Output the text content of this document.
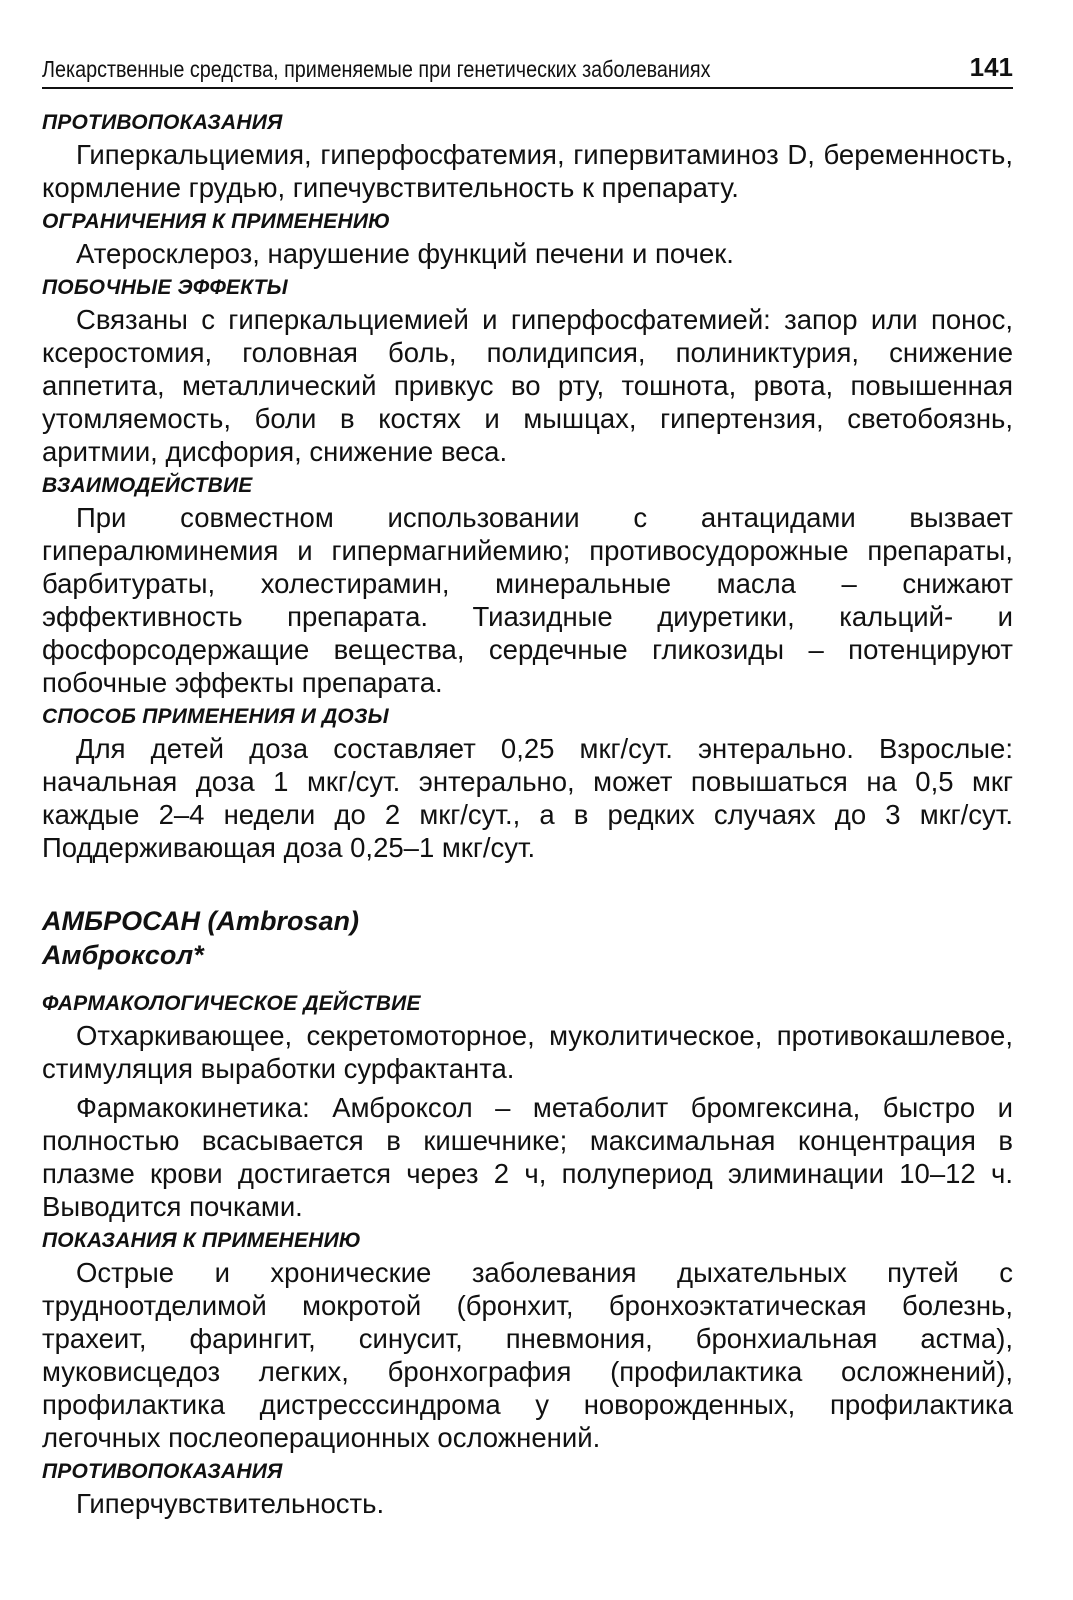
Лекарственные средства, применяемые при генетических заболеваниях	141
ПРОТИВОПОКАЗАНИЯ

Гиперкальциемия, гиперфосфатемия, гипервитаминоз D, беременность, кормление грудью, гипечувствительность к препарату.

ОГРАНИЧЕНИЯ К ПРИМЕНЕНИЮ

Атеросклероз, нарушение функций печени и почек.

ПОБОЧНЫЕ ЭФФЕКТЫ

Связаны с гиперкальциемией и гиперфосфатемией: запор или понос, ксеростомия, головная боль, полидипсия, полиниктурия, снижение аппетита, металлический привкус во рту, тошнота, рвота, повышенная утомляемость, боли в костях и мышцах, гипертензия, светобоязнь, аритмии, дисфория, снижение веса.

ВЗАИМОДЕЙСТВИЕ

При совместном использовании с антацидами вызвает гипералюминемия и гипермагнийемию; противосудорожные препараты, барбитураты, холестирамин, минеральные масла – снижают эффективность препарата. Тиазидные диуретики, кальций- и фосфорсодержащие вещества, сердечные гликозиды – потенцируют побочные эффекты препарата.

СПОСОБ ПРИМЕНЕНИЯ И ДОЗЫ

Для детей доза составляет 0,25 мкг/сут. энтерально. Взрослые: начальная доза 1 мкг/сут. энтерально, может повышаться на 0,5 мкг каждые 2–4 недели до 2 мкг/сут., а в редких случаях до 3 мкг/сут. Поддерживающая доза 0,25–1 мкг/сут.

АМБРОСАН (Ambrosan)
Амброксол*
ФАРМАКОЛОГИЧЕСКОЕ ДЕЙСТВИЕ

Отхаркивающее, секретомоторное, муколитическое, противокашлевое, стимуляция выработки сурфактанта.

Фармакокинетика: Амброксол – метаболит бромгексина, быстро и полностью всасывается в кишечнике; максимальная концентрация в плазме крови достигается через 2 ч, полупериод элиминации 10–12 ч. Выводится почками.

ПОКАЗАНИЯ К ПРИМЕНЕНИЮ

Острые и хронические заболевания дыхательных путей с трудноотделимой мокротой (бронхит, бронхоэктатическая болезнь, трахеит, фарингит, синусит, пневмония, бронхиальная астма), муковисцедоз легких, бронхография (профилактика осложнений), профилактика дистресссиндрома у новорожденных, профилактика легочных послеоперационных осложнений.

ПРОТИВОПОКАЗАНИЯ

Гиперчувствительность.
